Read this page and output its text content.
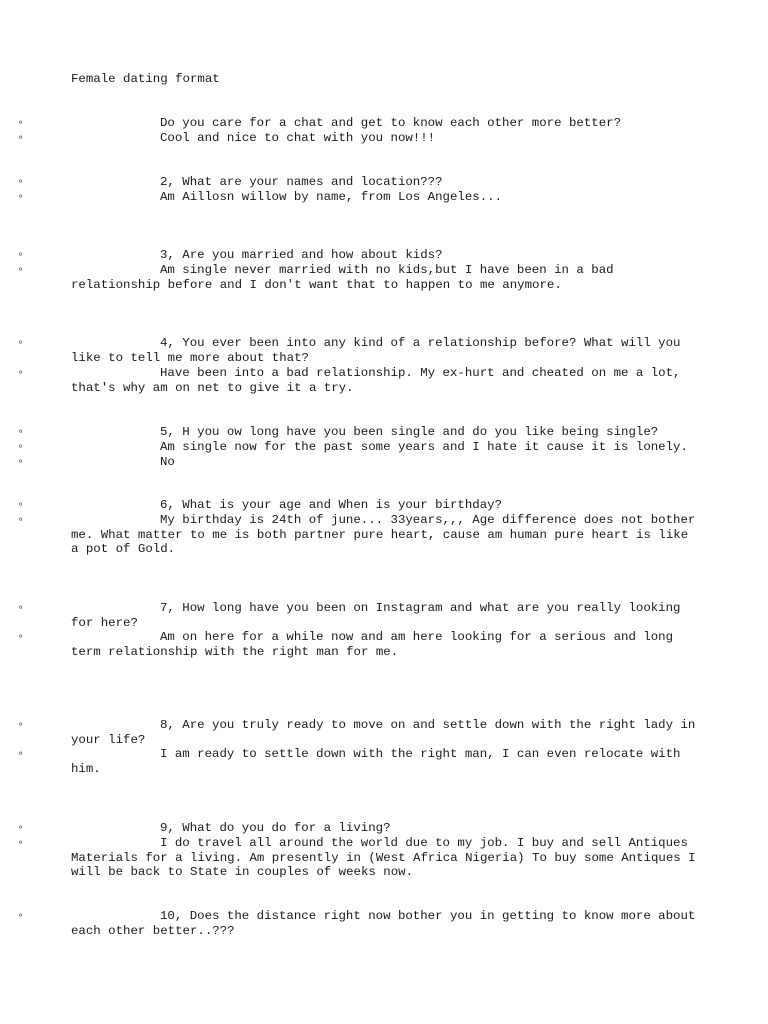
Female dating format

◦	Do you care for a chat and get to know each other more better?

◦	Cool and nice to chat with you now!!!

◦	2, What are your names and location???

◦	Am Aillosn willow by name, from Los Angeles...

◦	3, Are you married and how about kids?

◦	Am single never married with no kids,but I have been in a bad relationship before and I don't want that to happen to me anymore.

◦	4, You ever been into any kind of a relationship before? What will you like to tell me more about that?

◦	Have been into a bad relationship. My ex-hurt and cheated on me a lot, that's why am on net to give it a try.

◦	5, H you ow long have you been single and do you like being single?

◦	Am single now for the past some years and I hate it cause it is lonely.

◦	No

◦	6, What is your age and When is your birthday?

◦	My birthday is 24th of june... 33years,,, Age difference does not bother me. What matter to me is both partner pure heart, cause am human pure heart is like a pot of Gold.

◦	7, How long have you been on Instagram and what are you really looking for here?

◦	Am on here for a while now and am here looking for a serious and long term relationship with the right man for me.

◦	8, Are you truly ready to move on and settle down with the right lady in your life?

◦	I am ready to settle down with the right man, I can even relocate with him.

◦	9, What do you do for a living?

◦	I do travel all around the world due to my job. I buy and sell Antiques Materials for a living. Am presently in (West Africa Nigeria) To buy some Antiques I will be back to State in couples of weeks now.

◦	10, Does the distance right now bother you in getting to know more about each other better..???
